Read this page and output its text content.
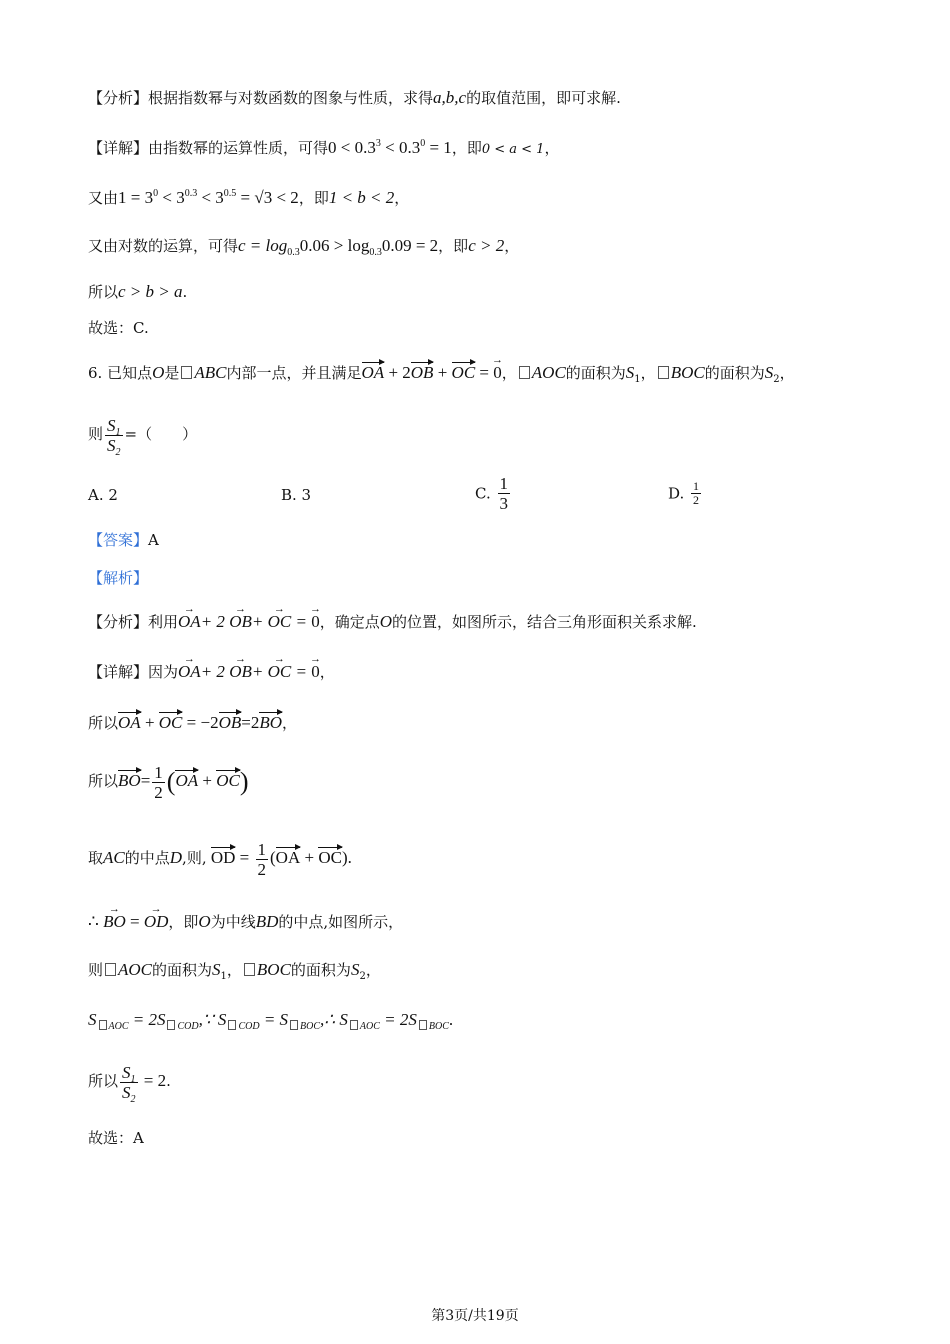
【分析】根据指数幂与对数函数的图象与性质，求得a,b,c的取值范围，即可求解.
【详解】由指数幂的运算性质，可得$0 < 0.3^3 < 0.3^0 = 1$，即0 < a < 1，
又由$1 = 3^0 < 3^{0.3} < 3^{0.5} = √3 < 2$，即1 < b < 2，
又由对数的运算，可得$c = \log_{0.3}0.06 > \log_{0.3}0.09 = 2$，即c > 2，
所以c > b > a.
故选：C.
6. 已知点O是 ABC内部一点，并且满足OA + 2OB + OC = → 0， AOC的面积为$S_1$， BOC的面积为$S_2$，
则 $\frac{S_1}{S_2}$ =（　　）
A. 2	B. 3	C. $\frac{1}{3}$	D. $\frac{1}{2}$
【答案】A
【解析】
【分析】利用→ OA+ 2 → OB+ → OC = → 0，确定点O的位置，如图所示，结合三角形面积关系求解.
【详解】因为→ OA+ 2 → OB+ → OC = → 0，
所以OA + OC = −2OB=2BO，
所以$BO= \frac{1}{2} (OA + OC)$
取AC的中点D,则, OD = $\frac{1}{2} (OA + OC)$.
∴ → BO = → OD，即O为中线BD的中点,如图所示，
则 AOC的面积为$S_1$， BOC的面积为$S_2$，
S $_{AOC}$ = 2S $_{COD}$,∵ S $_{COD}$ = S $_{BOC}$,∴ S $_{AOC}$ = 2S $_{BOC}$.
所以 $\frac{S_1}{S_2} = 2$.
故选：A
第3页/共19页
